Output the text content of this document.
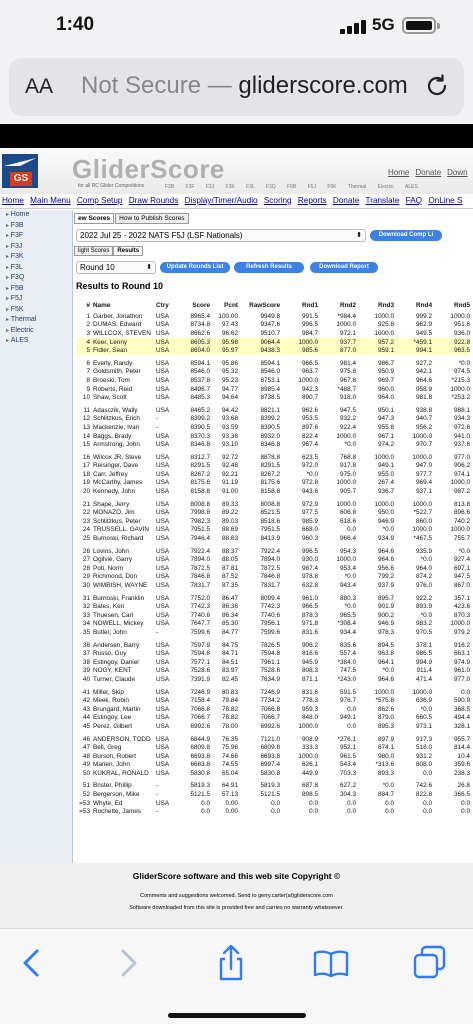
1:40	5G
AA Not Secure — gliderscore.com
GS GliderScore
for all RC Glider Competitions	F3B F3F F3J F3K F3L F3Q F5B F5J F5K Thermal Electric ALES
Home Donate Down
Home Main Menu Comp Setup Draw Rounds Display/Timer/Audio Scoring Reports Donate Translate FAQ OnLine S
▸ Home
▸ F3B
▸ F3F
▸ F3J
▸ F3K
▸ F3L
▸ F3Q
▸ F5B
▸ F5J
▸ F5K
▸ Thermal
▸ Electric
▸ ALES
ew Scores How to Publish Scores
2022 Jul 25 - 2022 NATS F5J (LSF Nationals)	⬍	Download Comp Li
light Scores Results
Round 10	⬍	Update Rounds List	Refresh Results	Download Report
Results to Round 10
#	Name	Ctry	Score	Pcnt	RawScore	Rnd1	Rnd2	Rnd3	Rnd4	Rnd5
1	Garber, Jonathon	USA	8965.4	100.00	9949.8	991.5	*984.4	1000.0	999.2	1000.0
2	DUMAS, Edward	USA	8734.8	97.43	9347.6	996.5	1000.0	925.8	962.9	951.6
3	WILLCOX, STEVEN	USA	8662.6	96.62	9510.7	984.7	972.1	1000.0	949.5	936.0
4	Keer, Lenny	USA	8605.3	95.98	9064.4	1000.0	937.7	957.2	*459.1	922.8
5	Fidler, Sean	USA	8604.0	95.97	9438.3	985.6	877.0	959.1	994.1	963.5

6	Everly, Randy	USA	8594.1	95.86	8594.1	966.5	981.4	986.7	927.2	*0.0
7	Goldsmith, Peter	USA	8546.0	95.32	8546.0	963.7	975.8	950.9	942.1	974.5
8	Broeski, Tom	USA	8537.8	95.23	8753.1	1000.0	967.8	969.7	964.6	*215.3
9	Roberts, Reid	USA	8496.7	94.77	8985.4	942.3	*488.7	960.0	958.9	1000.0
10	Shaw, Scott	USA	8485.3	94.64	8738.5	890.7	918.0	964.0	981.8	*253.2

11	Adasczik, Wally	USA	8465.2	94.42	8821.1	962.6	947.5	950.1	938.8	988.1
12	Schlitzkus, Erich	-	8399.2	93.68	8399.2	953.5	932.2	947.3	940.7	934.3
13	Mackenzie, Ivan	-	8390.5	93.59	8390.5	897.6	922.4	955.8	956.2	972.6
14	Baggs, Brady	USA	8370.3	93.36	8932.0	822.4	1000.0	967.1	1000.0	941.0
15	Armstrong, John	USA	8346.8	93.10	8346.8	967.4	*0.0	974.2	970.7	937.6

16	Wilcox JR, Steve	USA	8312.7	92.72	8878.8	623.5	768.8	1000.0	1000.0	977.0
17	Reisinger, Dave	USA	8291.5	92.48	8291.5	972.0	917.8	949.1	947.0	906.2
18	Carr, Jeffrey	USA	8267.2	92.21	8267.2	*0.0	975.0	955.0	977.7	974.1
19	McCarthy, James	USA	8175.6	91.19	8175.6	972.8	1000.0	267.4	969.4	1000.0
20	Kennedy, John	USA	8158.8	91.00	8158.8	943.6	905.7	936.7	937.1	987.2

21	Shape, Jerry	USA	8008.8	89.33	8008.8	972.9	1000.0	1000.0	1000.0	813.8
22	MONAZO, Jim	USA	7998.8	89.22	8521.5	977.5	606.8	950.0	*522.7	896.6
23	Schlitzkus, Peter	USA	7982.3	89.03	8518.6	985.9	618.6	946.9	860.0	740.2
24	TRUSSELL, GAVIN	USA	7951.5	88.69	7951.5	668.0	0.0	*0.0	1000.0	1000.0
25	Burnoski, Richard	USA	7946.4	88.63	8413.9	960.3	966.4	934.9	*467.5	755.7

26	Lovins, John	USA	7922.4	88.37	7922.4	996.5	954.3	964.6	935.9	*0.0
27	Ogilvie, Garry	USA	7894.0	88.05	7894.0	930.0	1000.0	964.6	*0.0	927.4
28	Poti, Norm	USA	7872.5	87.81	7872.5	987.4	953.4	956.6	964.0	697.1
29	Richmond, Don	USA	7846.8	87.52	7846.8	978.8	*0.0	799.2	874.2	947.5
30	WIMBISH, WAYNE	USA	7831.7	87.35	7831.7	632.8	943.4	937.9	976.0	867.0

31	Burnoski, Franklin	USA	7752.0	86.47	8099.4	961.0	880.3	895.7	922.2	357.1
32	Bates, Ken	USA	7742.3	86.36	7742.3	966.5	*0.0	901.9	893.9	423.6
33	Thuesen, Carl	USA	7740.6	86.34	7740.6	878.3	965.5	900.2	*0.0	870.3
34	NOWELL, Mickey	USA	7647.7	85.30	7956.1	971.8	*308.4	946.9	983.2	1000.0
35	Butler, John	-	7599.6	84.77	7599.6	831.6	934.4	978.3	970.5	979.2

36	Andersen, Barry	USA	7597.9	84.75	7826.5	906.2	835.6	894.5	378.1	916.2
37	Russo, Guy	USA	7594.8	84.71	7594.8	816.6	557.4	963.8	986.5	663.1
38	Estingoy, Daniel	USA	7577.1	84.51	7961.1	945.9	*384.0	964.1	994.9	974.9
39	NOGY, KENT	USA	7528.6	83.97	7528.6	808.3	747.5	*0.0	911.4	961.0
40	Turner, Claude	USA	7391.9	82.45	7634.9	871.1	*243.0	964.6	471.4	977.0

41	Miller, Skip	USA	7246.9	80.83	7246.9	831.6	591.5	1000.0	1000.0	0.0
42	Meek, Robin	USA	7158.4	79.84	7734.2	778.3	976.7	*575.8	636.9	590.9
43	Brungard, Martin	USA	7066.8	78.82	7066.8	959.3	0.0	862.6	*0.0	368.5
44	Estingoy, Lee	USA	7066.7	78.82	7066.7	848.0	949.1	879.0	660.5	494.4
45	Perez, Gilbert	USA	6992.6	78.00	6992.6	1000.0	0.0	895.3	973.1	328.1

46	ANDERSON, TODD	USA	6844.9	76.35	7121.0	908.9	*276.1	897.9	917.3	955.7
47	Bell, Greg	USA	6809.8	75.96	6809.8	333.3	952.1	874.1	518.0	814.4
48	Burson, Robert	USA	6693.8	74.66	6693.8	1000.0	961.5	980.0	931.2	10.4
49	Marien, John	USA	6683.8	74.55	6997.4	626.1	543.4	*313.6	808.0	359.6
50	KUKRAL, RONALD	USA	5830.8	65.04	5830.8	449.9	703.3	893.3	0.0	238.3

51	Brister, Phillip	-	5819.3	64.91	5819.3	687.8	627.2	*0.0	742.6	26.8
52	Bergerson, Mike	-	5121.5	57.13	5121.5	898.5	304.3	884.7	822.8	366.5
=53	Whyte, Ed	USA	0.0	0.00	0.0	0.0	0.0	0.0	0.0	0.0
=53	Rochette, James	-	0.0	0.00	0.0	0.0	0.0	0.0	0.0	0.0
GliderScore software and this web site Copyright ©
Comments and suggestions welcomed. Send to gerry.carter(at)gliderscore.com
Software downloaded from this site is provided free and carries no warranty whatsoever.
